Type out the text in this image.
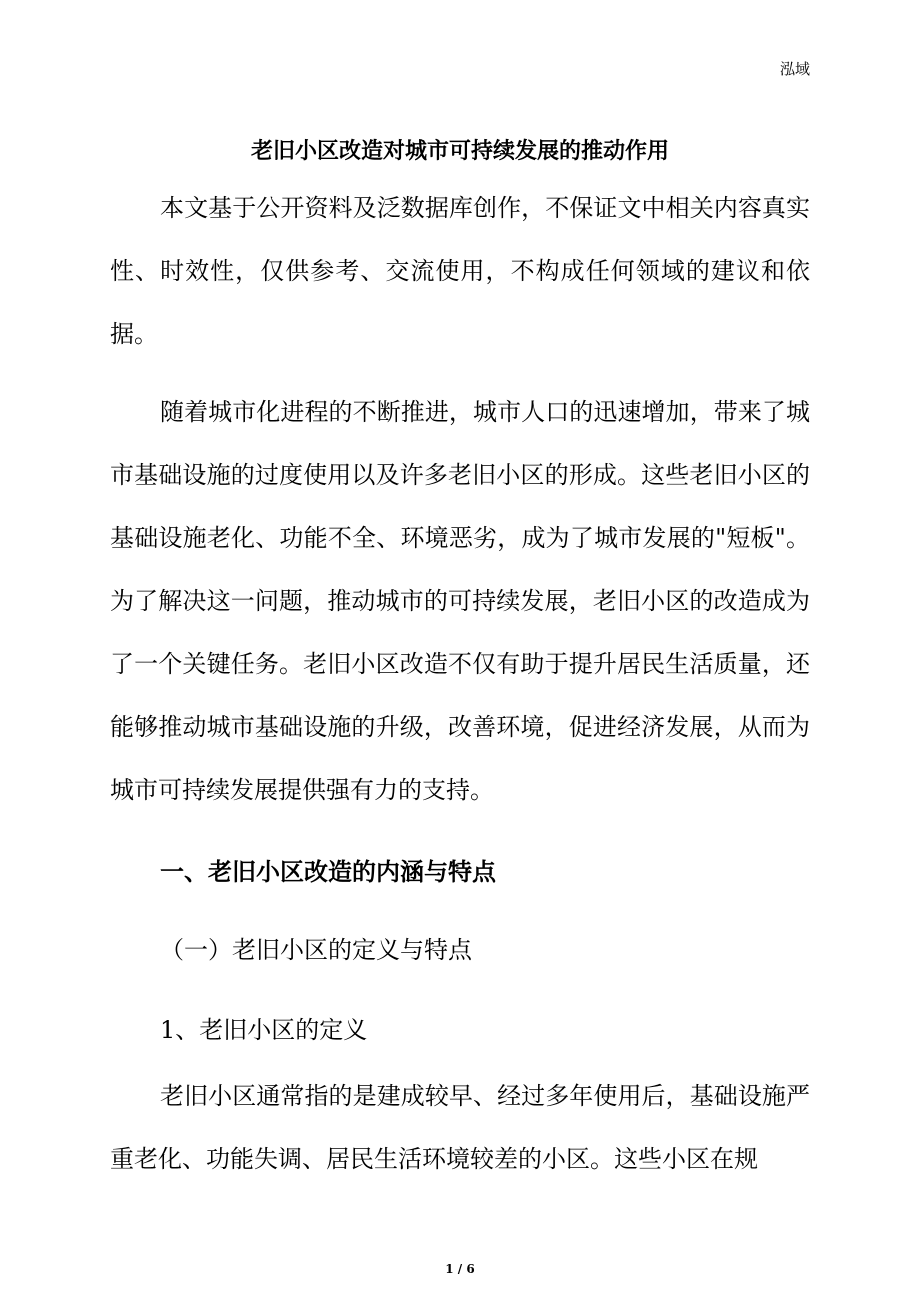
泓域
老旧小区改造对城市可持续发展的推动作用

本文基于公开资料及泛数据库创作，不保证文中相关内容真实性、时效性，仅供参考、交流使用，不构成任何领域的建议和依据。

随着城市化进程的不断推进，城市人口的迅速增加，带来了城市基础设施的过度使用以及许多老旧小区的形成。这些老旧小区的基础设施老化、功能不全、环境恶劣，成为了城市发展的"短板"。为了解决这一问题，推动城市的可持续发展，老旧小区的改造成为了一个关键任务。老旧小区改造不仅有助于提升居民生活质量，还能够推动城市基础设施的升级，改善环境，促进经济发展，从而为城市可持续发展提供强有力的支持。

一、老旧小区改造的内涵与特点
（一）老旧小区的定义与特点
1、老旧小区的定义

老旧小区通常指的是建成较早、经过多年使用后，基础设施严重老化、功能失调、居民生活环境较差的小区。这些小区在规

1 / 6
